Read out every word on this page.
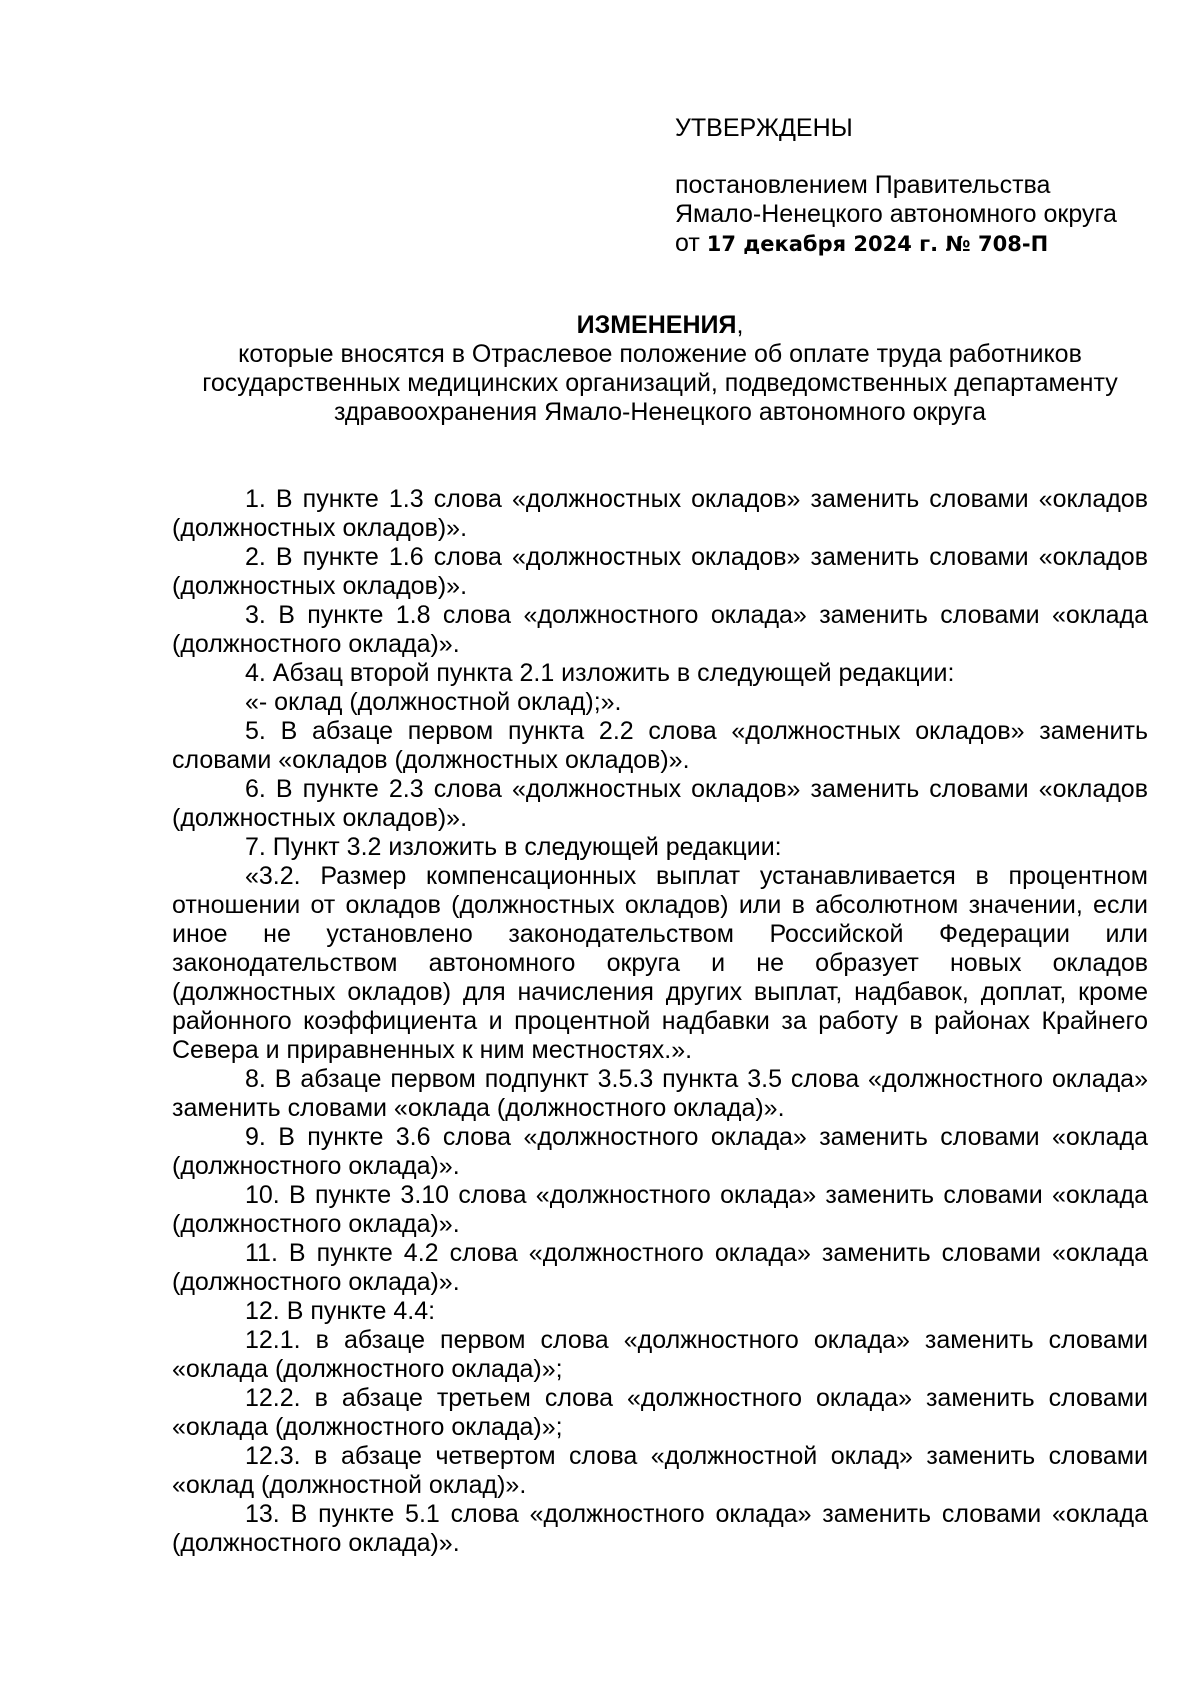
УТВЕРЖДЕНЫ
постановлением Правительства
Ямало-Ненецкого автономного округа
от 17 декабря 2024 г. № 708-П
ИЗМЕНЕНИЯ,
которые вносятся в Отраслевое положение об оплате труда работников государственных медицинских организаций, подведомственных департаменту здравоохранения Ямало-Ненецкого автономного округа

1. В пункте 1.3 слова «должностных окладов» заменить словами «окладов (должностных окладов)».

2. В пункте 1.6 слова «должностных окладов» заменить словами «окладов (должностных окладов)».

3. В пункте 1.8 слова «должностного оклада» заменить словами «оклада (должностного оклада)».

4. Абзац второй пункта 2.1 изложить в следующей редакции:

«- оклад (должностной оклад);».

5. В абзаце первом пункта 2.2 слова «должностных окладов» заменить словами «окладов (должностных окладов)».

6. В пункте 2.3 слова «должностных окладов» заменить словами «окладов (должностных окладов)».

7. Пункт 3.2 изложить в следующей редакции:

«3.2. Размер компенсационных выплат устанавливается в процентном отношении от окладов (должностных окладов) или в абсолютном значении, если иное не установлено законодательством Российской Федерации или законодательством автономного округа и не образует новых окладов (должностных окладов) для начисления других выплат, надбавок, доплат, кроме районного коэффициента и процентной надбавки за работу в районах Крайнего Севера и приравненных к ним местностях.».

8. В абзаце первом подпункт 3.5.3 пункта 3.5 слова «должностного оклада» заменить словами «оклада (должностного оклада)».

9. В пункте 3.6 слова «должностного оклада» заменить словами «оклада (должностного оклада)».

10. В пункте 3.10 слова «должностного оклада» заменить словами «оклада (должностного оклада)».

11. В пункте 4.2 слова «должностного оклада» заменить словами «оклада (должностного оклада)».

12. В пункте 4.4:

12.1. в абзаце первом слова «должностного оклада» заменить словами «оклада (должностного оклада)»;

12.2. в абзаце третьем слова «должностного оклада» заменить словами «оклада (должностного оклада)»;

12.3. в абзаце четвертом слова «должностной оклад» заменить словами «оклад (должностной оклад)».

13. В пункте 5.1 слова «должностного оклада» заменить словами «оклада (должностного оклада)».
